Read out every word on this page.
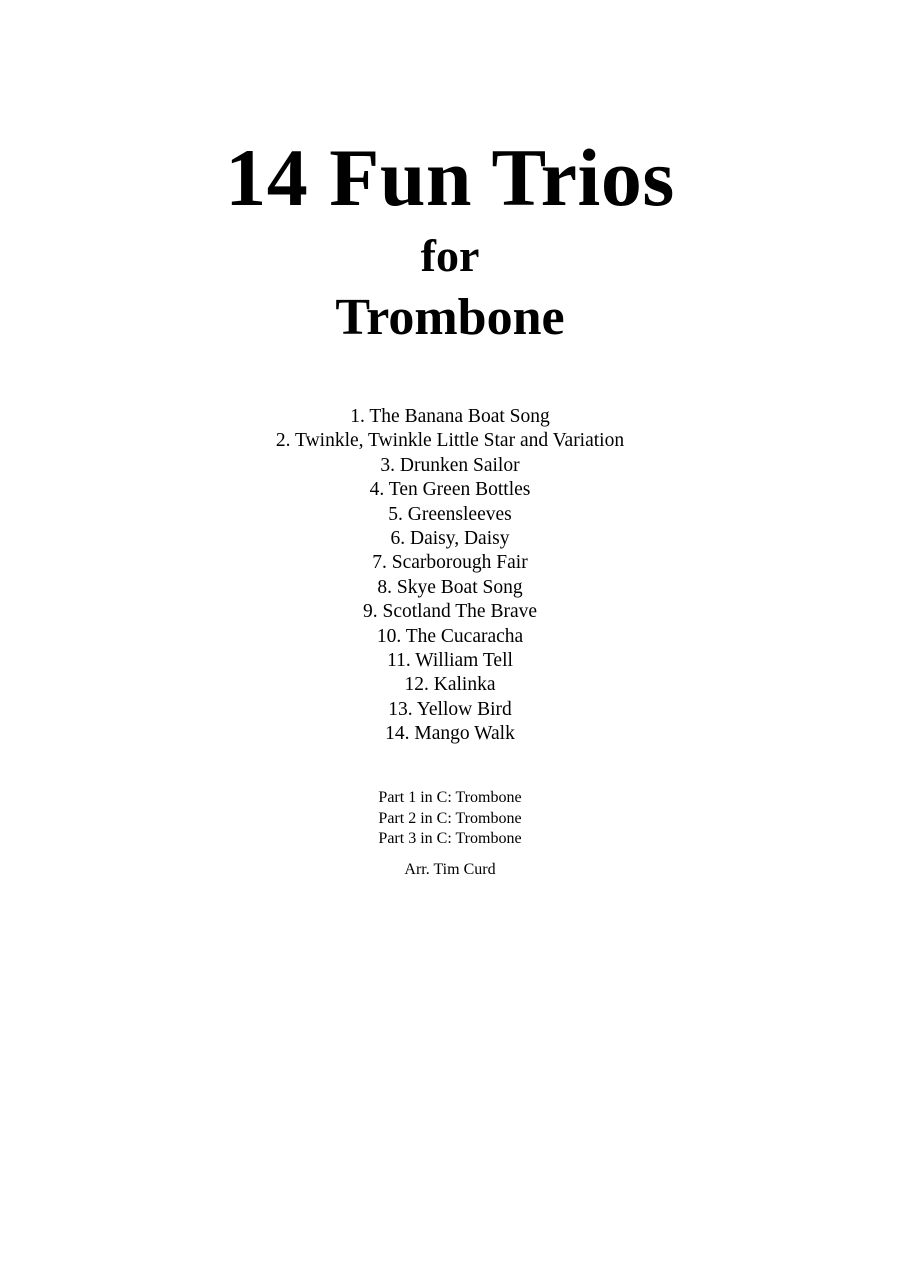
14 Fun Trios
for
Trombone
1. The Banana Boat Song
2. Twinkle, Twinkle Little Star and Variation
3. Drunken Sailor
4. Ten Green Bottles
5. Greensleeves
6. Daisy, Daisy
7. Scarborough Fair
8. Skye Boat Song
9. Scotland The Brave
10. The Cucaracha
11. William Tell
12. Kalinka
13. Yellow Bird
14. Mango Walk
Part 1 in C: Trombone
Part 2 in C: Trombone
Part 3 in C: Trombone
Arr. Tim Curd
